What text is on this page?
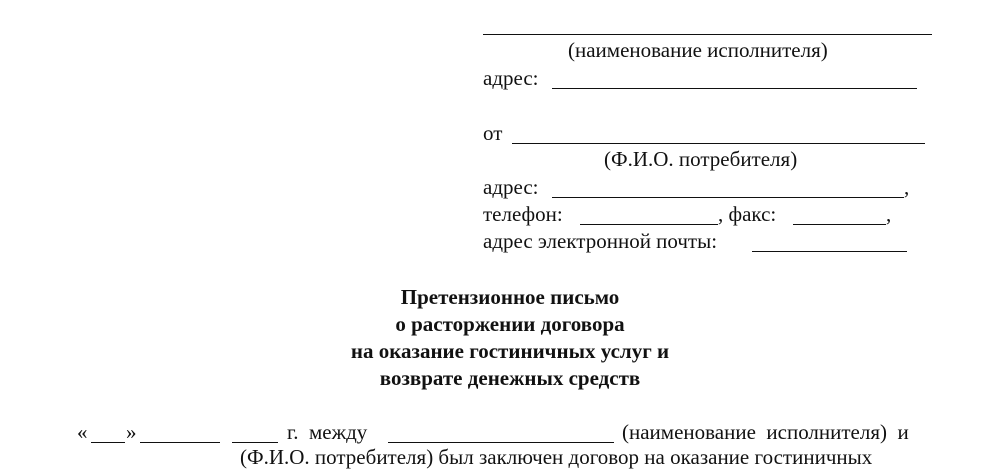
(наименование исполнителя)
адрес:
от
(Ф.И.О. потребителя)
адрес:	,
телефон:	, факс:	,
адрес электронной почты:
Претензионное письмо
о расторжении договора
на оказание гостиничных услуг и
возврате денежных средств
« »	г.  между	(наименование  исполнителя)  и
(Ф.И.О. потребителя) был заключен договор на оказание гостиничных
